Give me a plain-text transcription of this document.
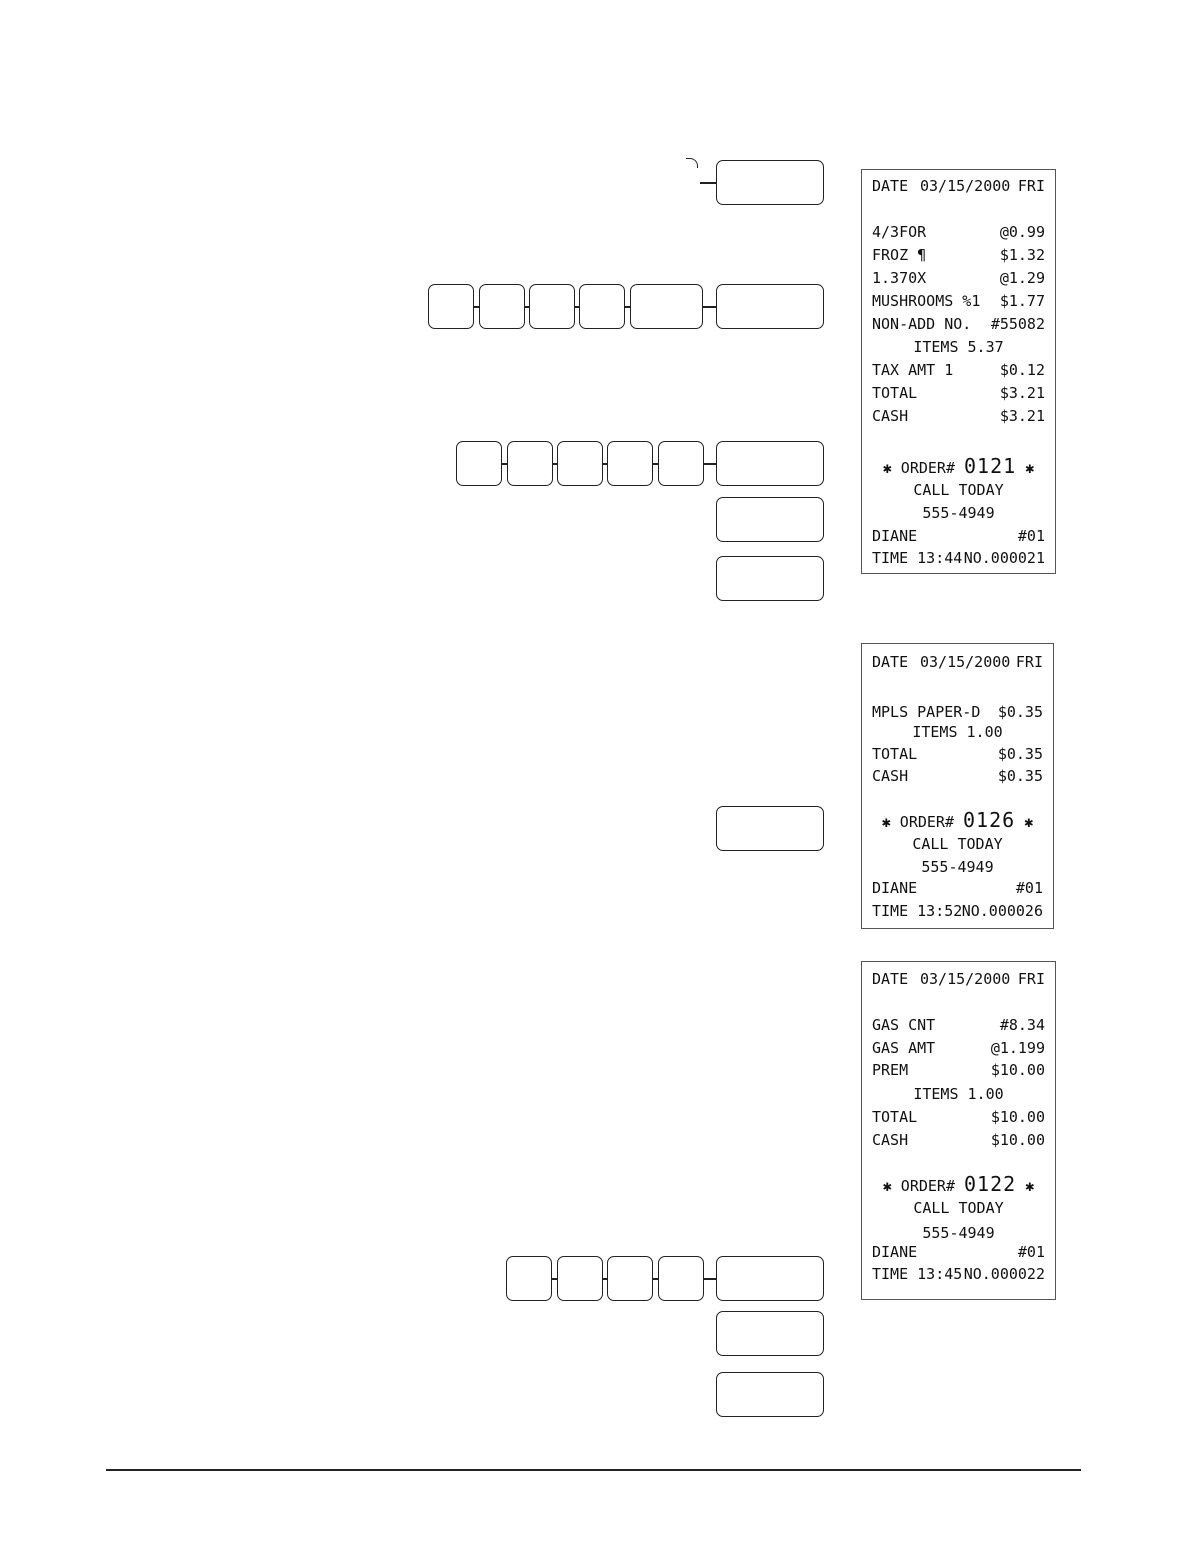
DATE 03/15/2000 FRI
4/3FOR	@0.99
FROZ ¶	$1.32
1.370X	@1.29
MUSHROOMS %1 $1.77
NON-ADD NO. #55082
ITEMS 5.37
TAX AMT 1	$0.12
TOTAL	$3.21
CASH	$3.21
✱ ORDER# 0121 ✱
CALL TODAY
555-4949
DIANE	#01
TIME 13:44 NO.000021
DATE 03/15/2000 FRI
MPLS PAPER-D $0.35
ITEMS 1.00
TOTAL	$0.35
CASH	$0.35
✱ ORDER# 0126 ✱
CALL TODAY
555-4949
DIANE	#01
TIME 13:52 NO.000026
DATE 03/15/2000 FRI
GAS CNT	#8.34
GAS AMT	@1.199
PREM	$10.00
ITEMS 1.00
TOTAL	$10.00
CASH	$10.00
✱ ORDER# 0122 ✱
CALL TODAY
555-4949
DIANE	#01
TIME 13:45 NO.000022
